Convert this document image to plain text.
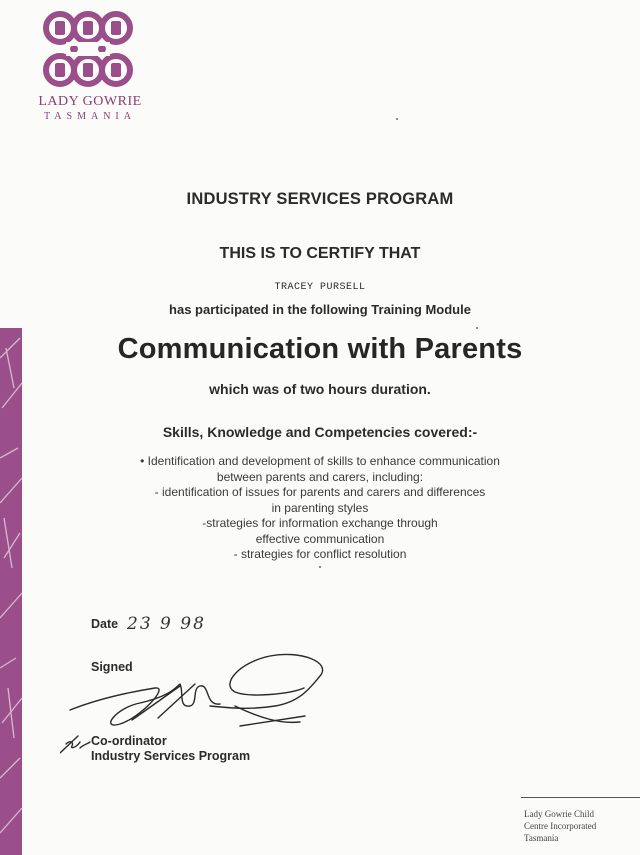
LADY GOWRIE
TASMANIA
INDUSTRY SERVICES PROGRAM
THIS IS TO CERTIFY THAT
TRACEY PURSELL
has participated in the following Training Module
Communication with Parents
which was of two hours duration.
Skills, Knowledge and Competencies covered:-
• Identification and development of skills to enhance communication
between parents and carers, including:
- identification of issues for parents and carers and differences
in parenting styles
-strategies for information exchange through
effective communication
- strategies for conflict resolution
Date 23 9 98
Signed
Co-ordinator
Industry Services Program
Lady Gowrie Child
Centre Incorporated
Tasmania
